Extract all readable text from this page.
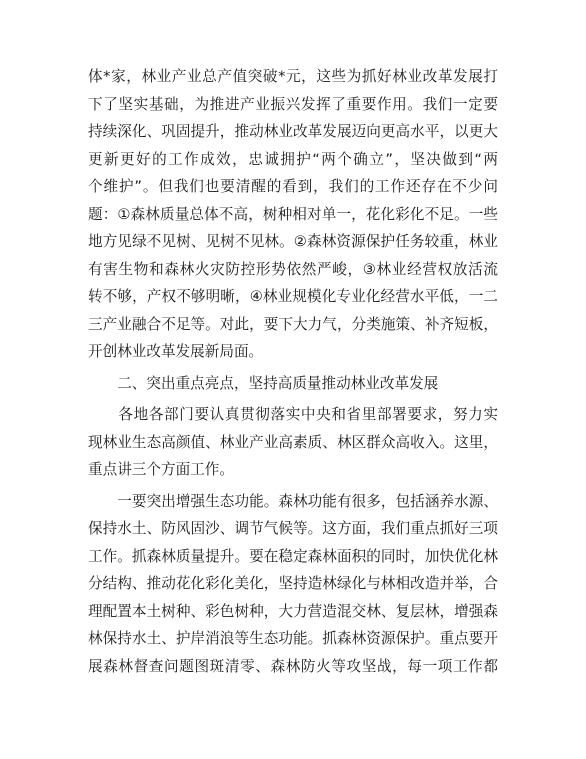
体*家，林业产业总产值突破*元，这些为抓好林业改革发展打
下了坚实基础，为推进产业振兴发挥了重要作用。我们一定要
持续深化、巩固提升，推动林业改革发展迈向更高水平，以更大
更新更好的工作成效，忠诚拥护“两个确立”，坚决做到“两
个维护”。但我们也要清醒的看到，我们的工作还存在不少问
题：①森林质量总体不高，树种相对单一，花化彩化不足。一些
地方见绿不见树、见树不见林。②森林资源保护任务较重，林业
有害生物和森林火灾防控形势依然严峻，③林业经营权放活流
转不够，产权不够明晰，④林业规模化专业化经营水平低，一二
三产业融合不足等。对此，要下大力气，分类施策、补齐短板，
开创林业改革发展新局面。
　　二、突出重点亮点，坚持高质量推动林业改革发展
　　各地各部门要认真贯彻落实中央和省里部署要求，努力实
现林业生态高颜值、林业产业高素质、林区群众高收入。这里，
重点讲三个方面工作。
　　一要突出增强生态功能。森林功能有很多，包括涵养水源、
保持水土、防风固沙、调节气候等。这方面，我们重点抓好三项
工作。抓森林质量提升。要在稳定森林面积的同时，加快优化林
分结构、推动花化彩化美化，坚持造林绿化与林相改造并举，合
理配置本土树种、彩色树种，大力营造混交林、复层林，增强森
林保持水土、护岸消浪等生态功能。抓森林资源保护。重点要开
展森林督查问题图斑清零、森林防火等攻坚战，每一项工作都
